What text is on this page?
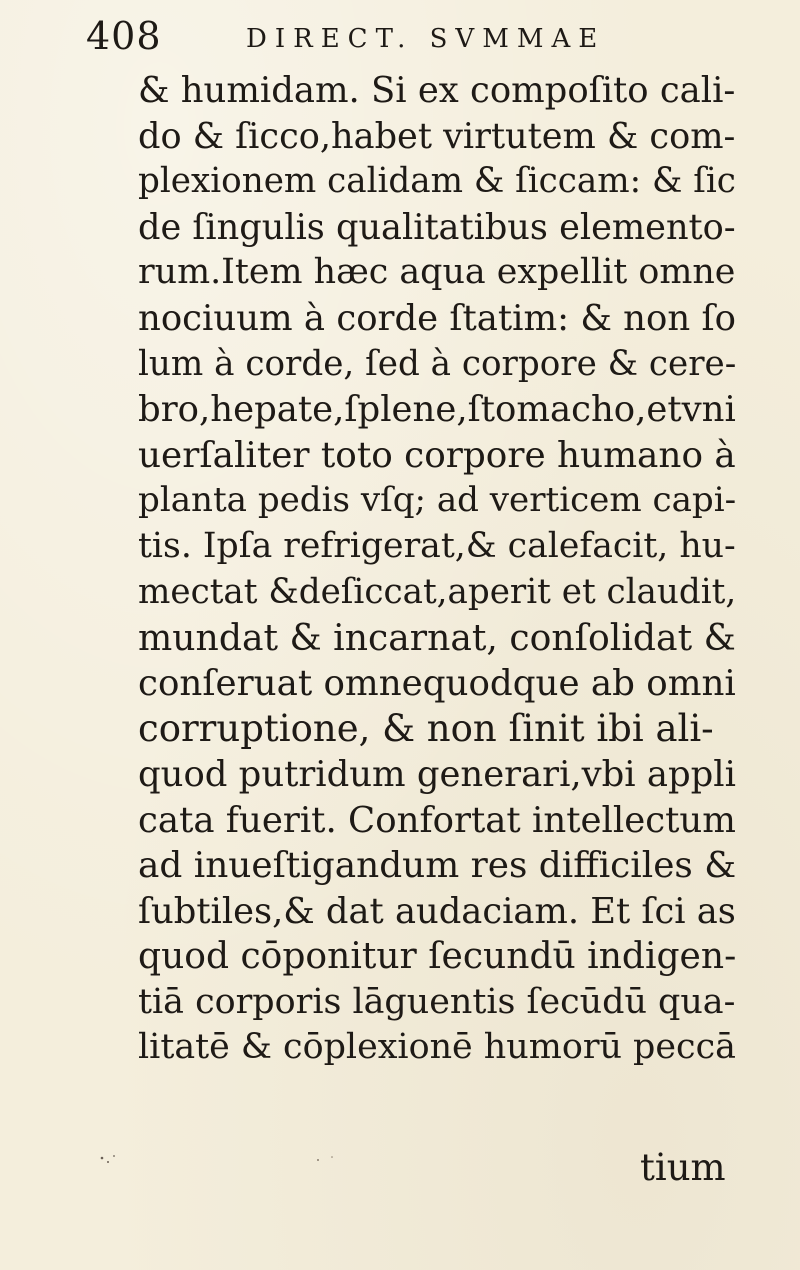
408	DIRECT. SVMMAE
& humidam. Si ex compoſito cali-
do & ſicco,habet virtutem & com-
plexionem calidam & ſiccam: & ſic
de ſingulis qualitatibus elemento-
rum.Item hæc aqua expellit omne
nociuum à corde ſtatim: & non ſo
lum à corde, ſed à corpore & cere-
bro,hepate,ſplene,ſtomacho,etvni
uerſaliter toto corpore humano à
planta pedis vſq; ad verticem capi-
tis. Ipſa refrigerat,& calefacit, hu-
mectat &deſiccat,aperit et claudit,
mundat & incarnat, conſolidat &
conſeruat omnequodque ab omni
corruptione, & non ſinit ibi ali-
quod putridum generari,vbi appli
cata fuerit. Confortat intellectum
ad inueſtigandum res difficiles &
ſubtiles,& dat audaciam. Et ſci as
quod cōponitur ſecundū indigen-
tiā corporis lāguentis ſecūdū qua-
litatē & cōplexionē humorū peccā
tium
